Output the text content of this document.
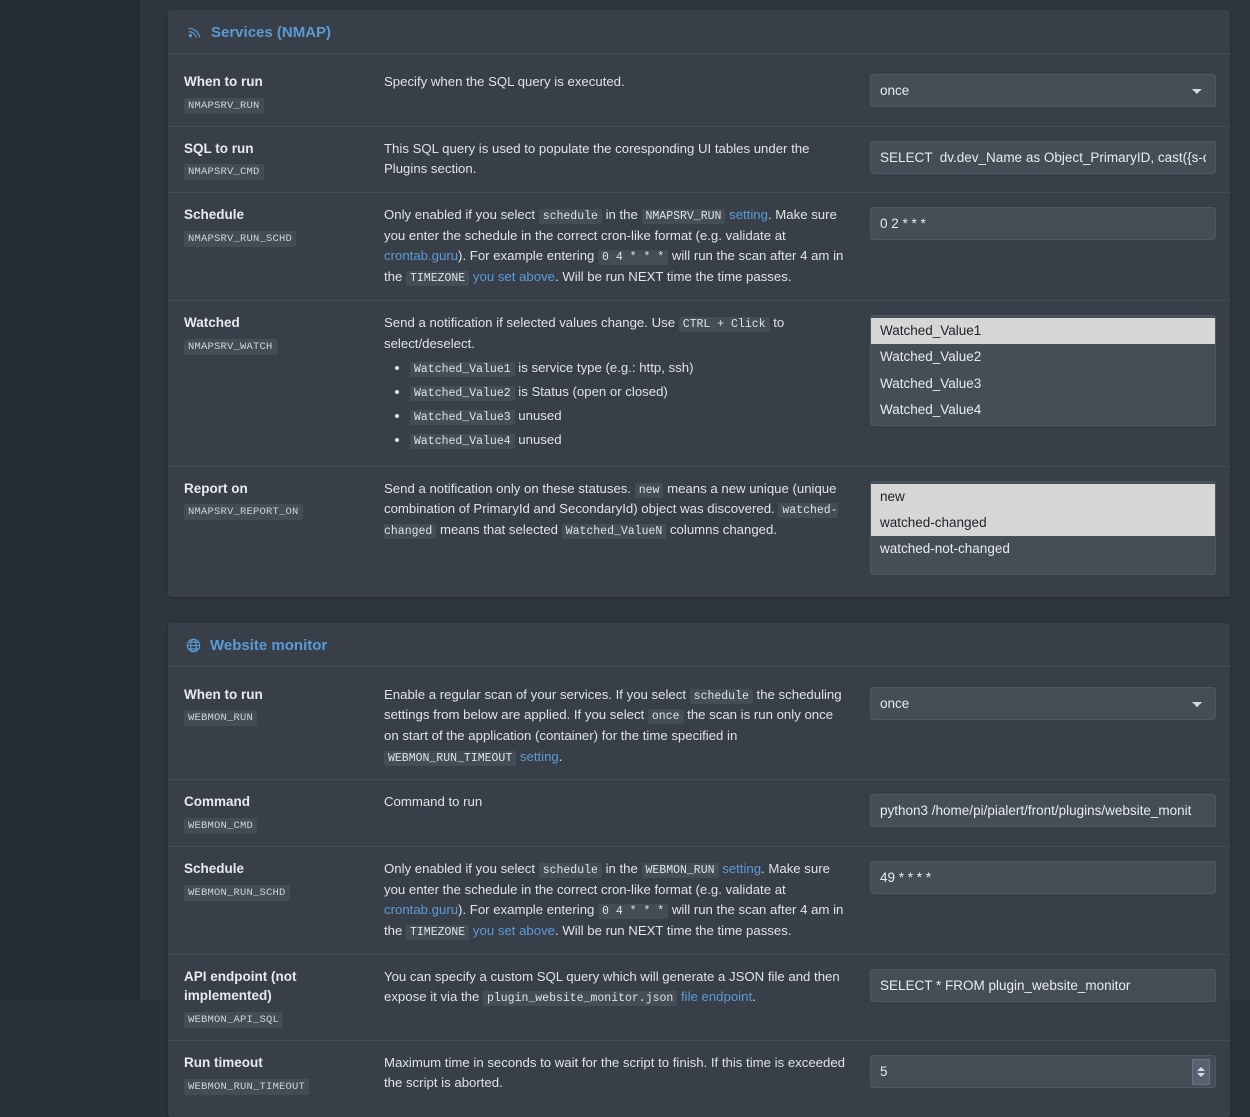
Services (NMAP)
When to run
NMAPSRV_RUN
Specify when the SQL query is executed.
once
SQL to run
NMAPSRV_CMD
This SQL query is used to populate the coresponding UI tables under the Plugins section.
SELECT dv.dev_Name as Object_PrimaryID, cast({s-quo
Schedule
NMAPSRV_RUN_SCHD
Only enabled if you select schedule in the NMAPSRV_RUN setting. Make sure you enter the schedule in the correct cron-like format (e.g. validate at crontab.guru). For example entering 0 4 * * * will run the scan after 4 am in the TIMEZONE you set above. Will be run NEXT time the time passes.
0 2 * * *
Watched
NMAPSRV_WATCH
Send a notification if selected values change. Use CTRL + Click to select/deselect.
• Watched_Value1 is service type (e.g.: http, ssh)
• Watched_Value2 is Status (open or closed)
• Watched_Value3 unused
• Watched_Value4 unused
Watched_Value1
Watched_Value2
Watched_Value3
Watched_Value4
Report on
NMAPSRV_REPORT_ON
Send a notification only on these statuses. new means a new unique (unique combination of PrimaryId and SecondaryId) object was discovered. watched-changed means that selected Watched_ValueN columns changed.
new
watched-changed
watched-not-changed
Website monitor
When to run
WEBMON_RUN
Enable a regular scan of your services. If you select schedule the scheduling settings from below are applied. If you select once the scan is run only once on start of the application (container) for the time specified in WEBMON_RUN_TIMEOUT setting.
once
Command
WEBMON_CMD
Command to run
python3 /home/pi/pialert/front/plugins/website_monit
Schedule
WEBMON_RUN_SCHD
Only enabled if you select schedule in the WEBMON_RUN setting. Make sure you enter the schedule in the correct cron-like format (e.g. validate at crontab.guru). For example entering 0 4 * * * will run the scan after 4 am in the TIMEZONE you set above. Will be run NEXT time the time passes.
49 * * * *
API endpoint (not implemented)
WEBMON_API_SQL
You can specify a custom SQL query which will generate a JSON file and then expose it via the plugin_website_monitor.json file endpoint.
SELECT * FROM plugin_website_monitor
Run timeout
WEBMON_RUN_TIMEOUT
Maximum time in seconds to wait for the script to finish. If this time is exceeded the script is aborted.
5
